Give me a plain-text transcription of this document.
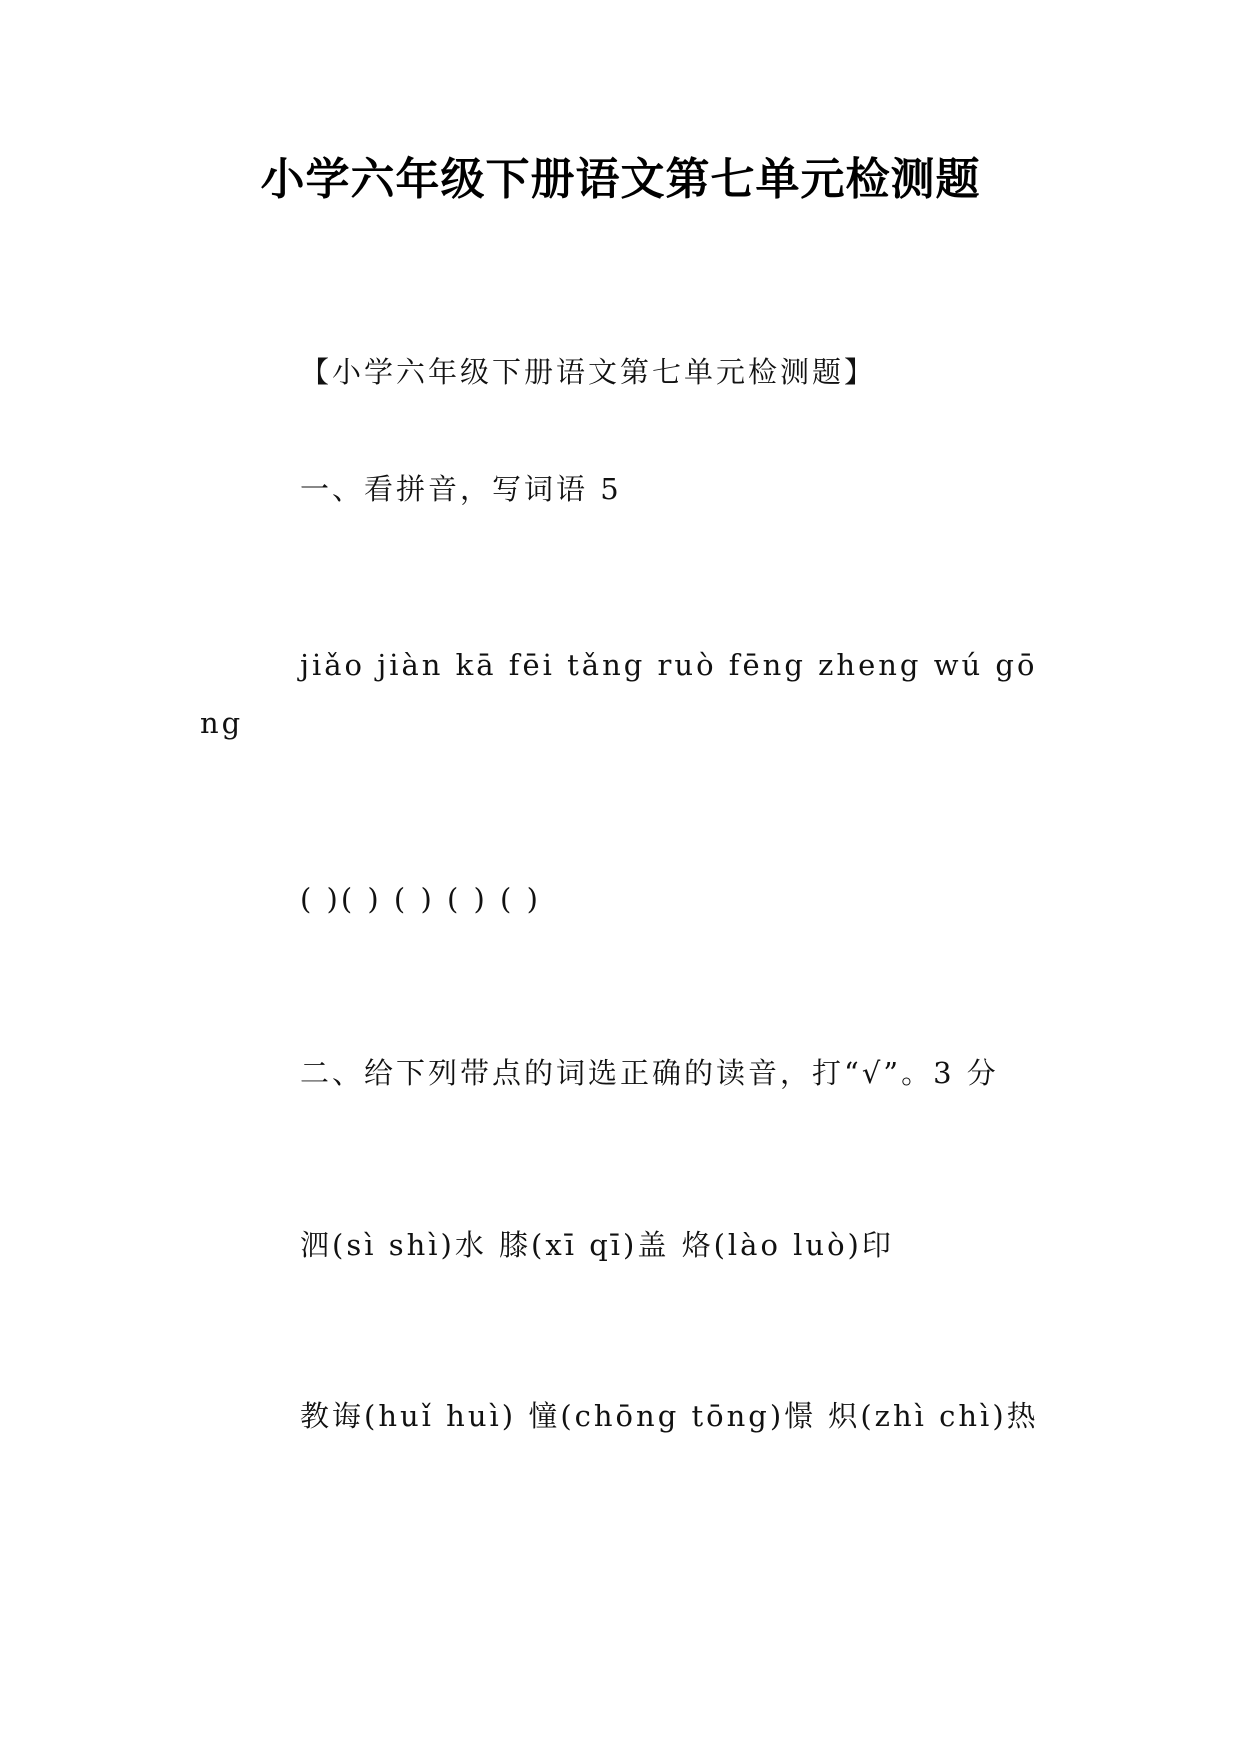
小学六年级下册语文第七单元检测题
【小学六年级下册语文第七单元检测题】
一、看拼音，写词语 5
jiǎo jiàn kā fēi tǎng ruò fēng zheng wú gōng
( )( ) ( ) ( ) ( )
二、给下列带点的词选正确的读音，打“√”。3 分
泗(sì shì)水 膝(xī qī)盖 烙(lào luò)印
教诲(huǐ huì) 憧(chōng tōng)憬 炽(zhì chì)热
